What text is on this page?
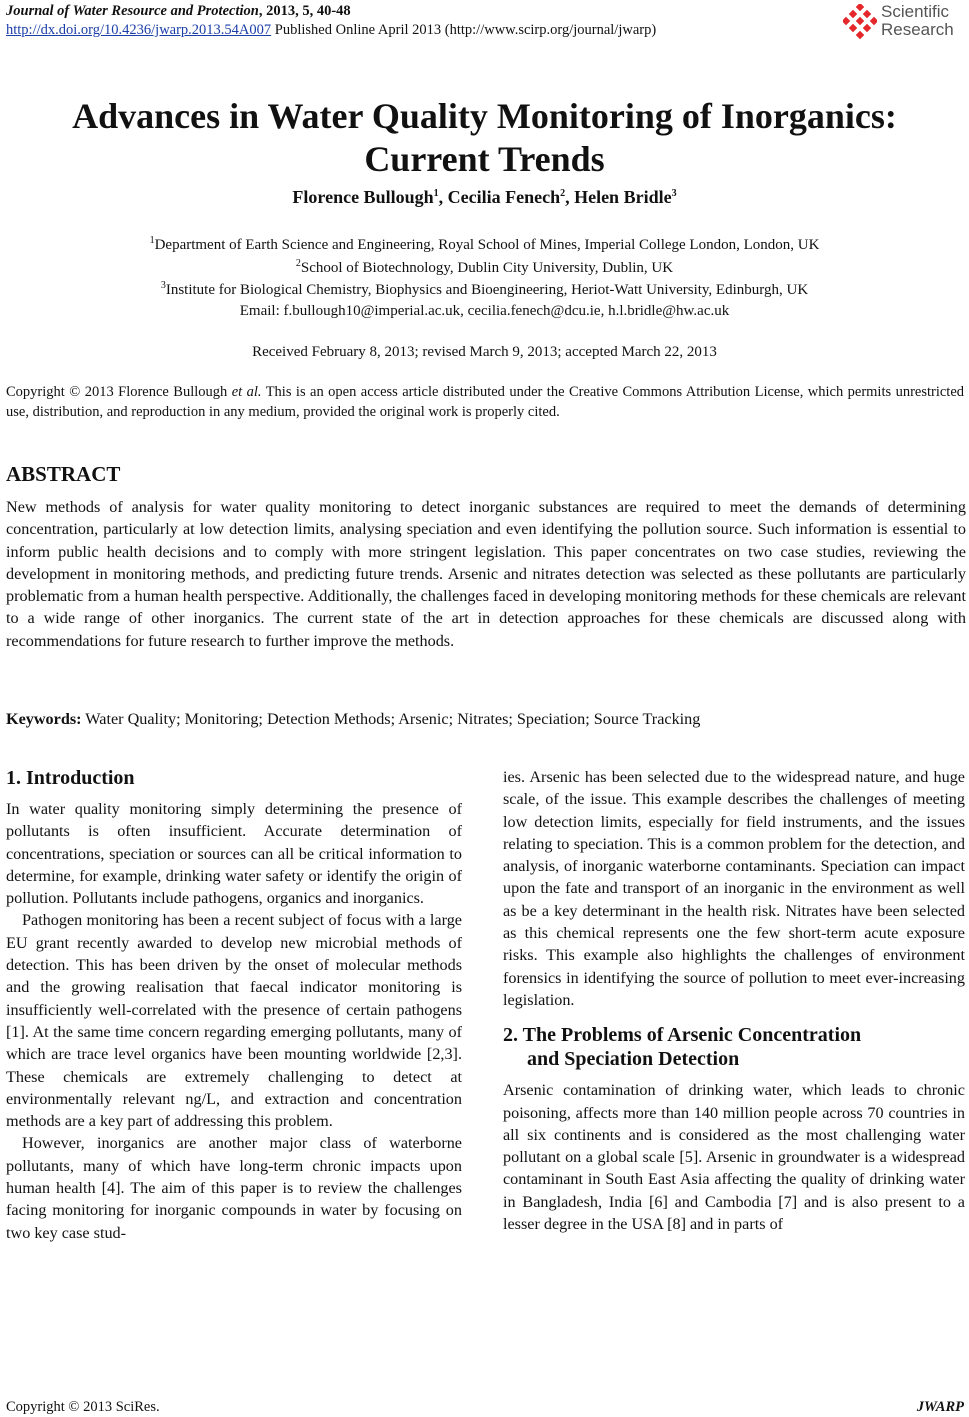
Journal of Water Resource and Protection, 2013, 5, 40-48
http://dx.doi.org/10.4236/jwarp.2013.54A007 Published Online April 2013 (http://www.scirp.org/journal/jwarp)
Scientific
Research
Advances in Water Quality Monitoring of Inorganics:
Current Trends
Florence Bullough$^1$, Cecilia Fenech$^2$, Helen Bridle$^3$
$^1$Department of Earth Science and Engineering, Royal School of Mines, Imperial College London, London, UK
$^2$School of Biotechnology, Dublin City University, Dublin, UK
$^3$Institute for Biological Chemistry, Biophysics and Bioengineering, Heriot-Watt University, Edinburgh, UK
Email: f.bullough10@imperial.ac.uk, cecilia.fenech@dcu.ie, h.l.bridle@hw.ac.uk
Received February 8, 2013; revised March 9, 2013; accepted March 22, 2013
Copyright © 2013 Florence Bullough et al. This is an open access article distributed under the Creative Commons Attribution License, which permits unrestricted use, distribution, and reproduction in any medium, provided the original work is properly cited.
ABSTRACT
New methods of analysis for water quality monitoring to detect inorganic substances are required to meet the demands of determining concentration, particularly at low detection limits, analysing speciation and even identifying the pollution source. Such information is essential to inform public health decisions and to comply with more stringent legislation. This paper concentrates on two case studies, reviewing the development in monitoring methods, and predicting future trends. Arsenic and nitrates detection was selected as these pollutants are particularly problematic from a human health perspective. Additionally, the challenges faced in developing monitoring methods for these chemicals are relevant to a wide range of other inorganics. The current state of the art in detection approaches for these chemicals are discussed along with recommendations for future research to further improve the methods.
Keywords: Water Quality; Monitoring; Detection Methods; Arsenic; Nitrates; Speciation; Source Tracking
1. Introduction

In water quality monitoring simply determining the presence of pollutants is often insufficient. Accurate determination of concentrations, speciation or sources can all be critical information to determine, for example, drinking water safety or identify the origin of pollution. Pollutants include pathogens, organics and inorganics.

Pathogen monitoring has been a recent subject of focus with a large EU grant recently awarded to develop new microbial methods of detection. This has been driven by the onset of molecular methods and the growing realisation that faecal indicator monitoring is insufficiently well-correlated with the presence of certain pathogens [1]. At the same time concern regarding emerging pollutants, many of which are trace level organics have been mounting worldwide [2,3]. These chemicals are extremely challenging to detect at environmentally relevant ng/L, and extraction and concentration methods are a key part of addressing this problem.

However, inorganics are another major class of waterborne pollutants, many of which have long-term chronic impacts upon human health [4]. The aim of this paper is to review the challenges facing monitoring for inorganic compounds in water by focusing on two key case stud-

ies. Arsenic has been selected due to the widespread nature, and huge scale, of the issue. This example describes the challenges of meeting low detection limits, especially for field instruments, and the issues relating to speciation. This is a common problem for the detection, and analysis, of inorganic waterborne contaminants. Speciation can impact upon the fate and transport of an inorganic in the environment as well as be a key determinant in the health risk. Nitrates have been selected as this chemical represents one the few short-term acute exposure risks. This example also highlights the challenges of environment forensics in identifying the source of pollution to meet ever-increasing legislation.

2. The Problems of Arsenic Concentration
and Speciation Detection

Arsenic contamination of drinking water, which leads to chronic poisoning, affects more than 140 million people across 70 countries in all six continents and is considered as the most challenging water pollutant on a global scale [5]. Arsenic in groundwater is a widespread contaminant in South East Asia affecting the quality of drinking water in Bangladesh, India [6] and Cambodia [7] and is also present to a lesser degree in the USA [8] and in parts of

Copyright © 2013 SciRes.	JWARP
